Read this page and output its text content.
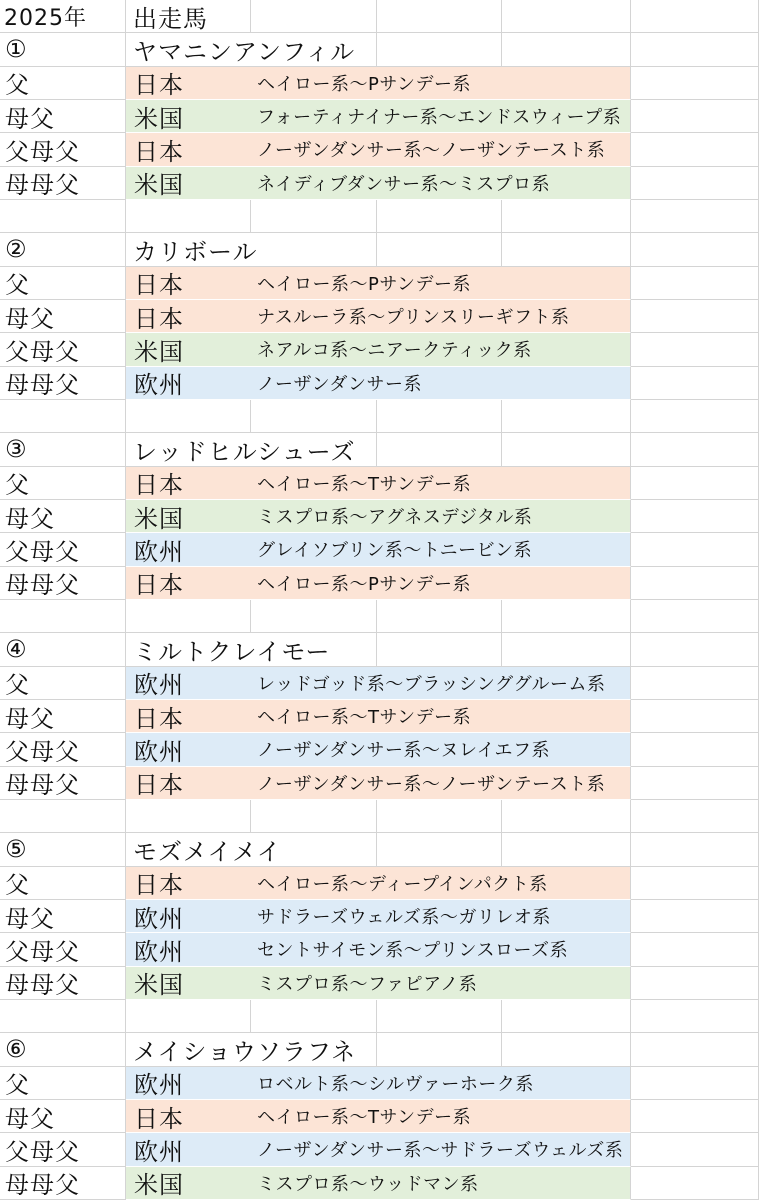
2025年	出走馬
①	ヤマニンアンフィル
父	日本	ヘイロー系～Pサンデー系
母父	米国	フォーティナイナー系～エンドスウィープ系
父母父	日本	ノーザンダンサー系～ノーザンテースト系
母母父	米国	ネイディブダンサー系～ミスプロ系
②	カリボール
父	日本	ヘイロー系～Pサンデー系
母父	日本	ナスルーラ系～プリンスリーギフト系
父母父	米国	ネアルコ系～ニアークティック系
母母父	欧州	ノーザンダンサー系
③	レッドヒルシューズ
父	日本	ヘイロー系～Tサンデー系
母父	米国	ミスプロ系～アグネスデジタル系
父母父	欧州	グレイソブリン系～トニービン系
母母父	日本	ヘイロー系～Pサンデー系
④	ミルトクレイモー
父	欧州	レッドゴッド系～ブラッシンググルーム系
母父	日本	ヘイロー系～Tサンデー系
父母父	欧州	ノーザンダンサー系～ヌレイエフ系
母母父	日本	ノーザンダンサー系～ノーザンテースト系
⑤	モズメイメイ
父	日本	ヘイロー系～ディープインパクト系
母父	欧州	サドラーズウェルズ系～ガリレオ系
父母父	欧州	セントサイモン系～プリンスローズ系
母母父	米国	ミスプロ系～ファピアノ系
⑥	メイショウソラフネ
父	欧州	ロベルト系～シルヴァーホーク系
母父	日本	ヘイロー系～Tサンデー系
父母父	欧州	ノーザンダンサー系～サドラーズウェルズ系
母母父	米国	ミスプロ系～ウッドマン系
